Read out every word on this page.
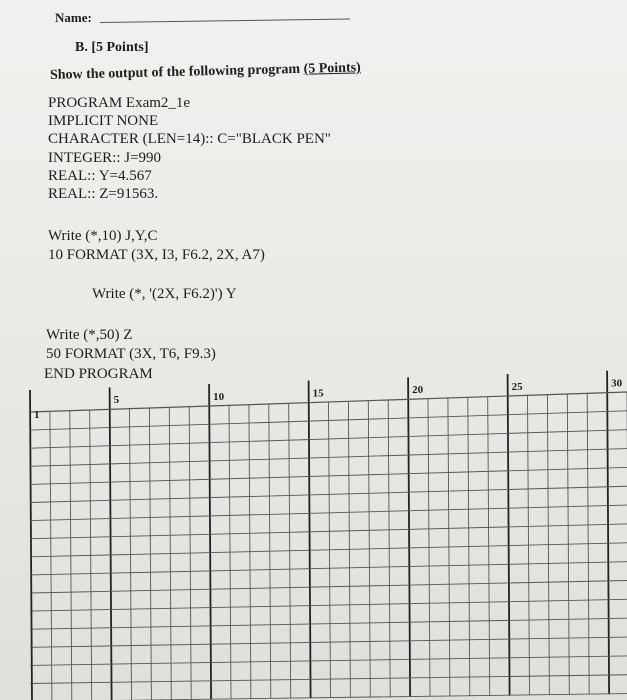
Name:
B. [5 Points]
Show the output of the following program (5 Points)
PROGRAM Exam2_1e
IMPLICIT NONE
CHARACTER (LEN=14):: C="BLACK PEN"
INTEGER:: J=990
REAL:: Y=4.567
REAL:: Z=91563.
Write (*,10) J,Y,C
10 FORMAT (3X, I3, F6.2, 2X, A7)
Write (*, '(2X, F6.2)') Y
Write (*,50) Z
50 FORMAT (3X, T6, F9.3)
END PROGRAM
1
5	10	15	20	25	30
